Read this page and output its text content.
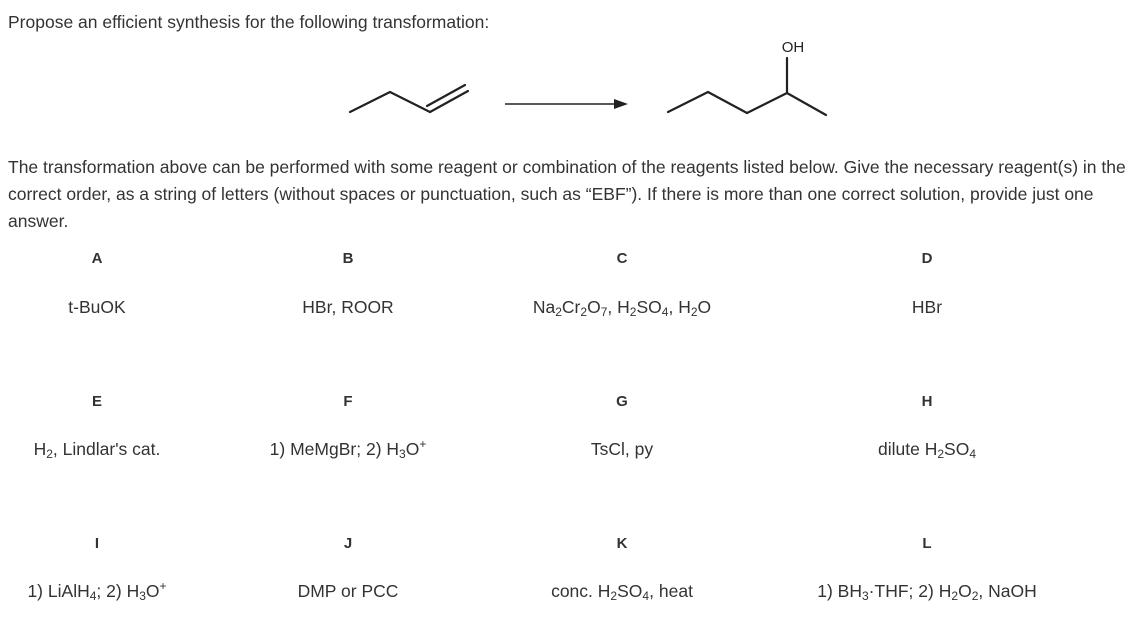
Propose an efficient synthesis for the following transformation:
OH
The transformation above can be performed with some reagent or combination of the reagents listed below. Give the necessary reagent(s) in the correct order, as a string of letters (without spaces or punctuation, such as “EBF”). If there is more than one correct solution, provide just one answer.
A
t-BuOK
B
HBr, ROOR
C
$Na_2Cr_2O_7$, $H_2SO_4$, $H_2O$
D
HBr
E
$H_2$, Lindlar's cat.
F
1) MeMgBr; 2) $H_3O^+$
G
TsCl, py
H
dilute $H_2SO_4$
I
1) LiAlH$_4$; 2) $H_3O^+$
J
DMP or PCC
K
conc. $H_2SO_4$, heat
L
1) $BH_3\cdot THF$; 2) $H_2O_2$, NaOH
